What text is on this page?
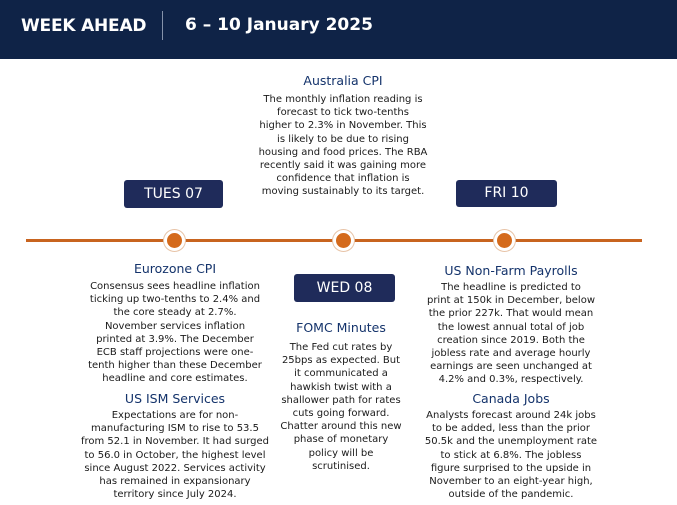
WEEK AHEAD 6 – 10 January 2025
Australia CPI
The monthly inflation reading is
forecast to tick two-tenths
higher to 2.3% in November. This
is likely to be due to rising
housing and food prices. The RBA
recently said it was gaining more
confidence that inflation is
moving sustainably to its target.
TUES 07	FRI 10
WED 08
Eurozone CPI
Consensus sees headline inflation
ticking up two-tenths to 2.4% and
the core steady at 2.7%.
November services inflation
printed at 3.9%. The December
ECB staff projections were one-
tenth higher than these December
headline and core estimates.
US ISM Services
Expectations are for non-
manufacturing ISM to rise to 53.5
from 52.1 in November. It had surged
to 56.0 in October, the highest level
since August 2022. Services activity
has remained in expansionary
territory since July 2024.
FOMC Minutes
The Fed cut rates by
25bps as expected. But
it communicated a
hawkish twist with a
shallower path for rates
cuts going forward.
Chatter around this new
phase of monetary
policy will be
scrutinised.
US Non-Farm Payrolls
The headline is predicted to
print at 150k in December, below
the prior 227k. That would mean
the lowest annual total of job
creation since 2019. Both the
jobless rate and average hourly
earnings are seen unchanged at
4.2% and 0.3%, respectively.
Canada Jobs
Analysts forecast around 24k jobs
to be added, less than the prior
50.5k and the unemployment rate
to stick at 6.8%. The jobless
figure surprised to the upside in
November to an eight-year high,
outside of the pandemic.
